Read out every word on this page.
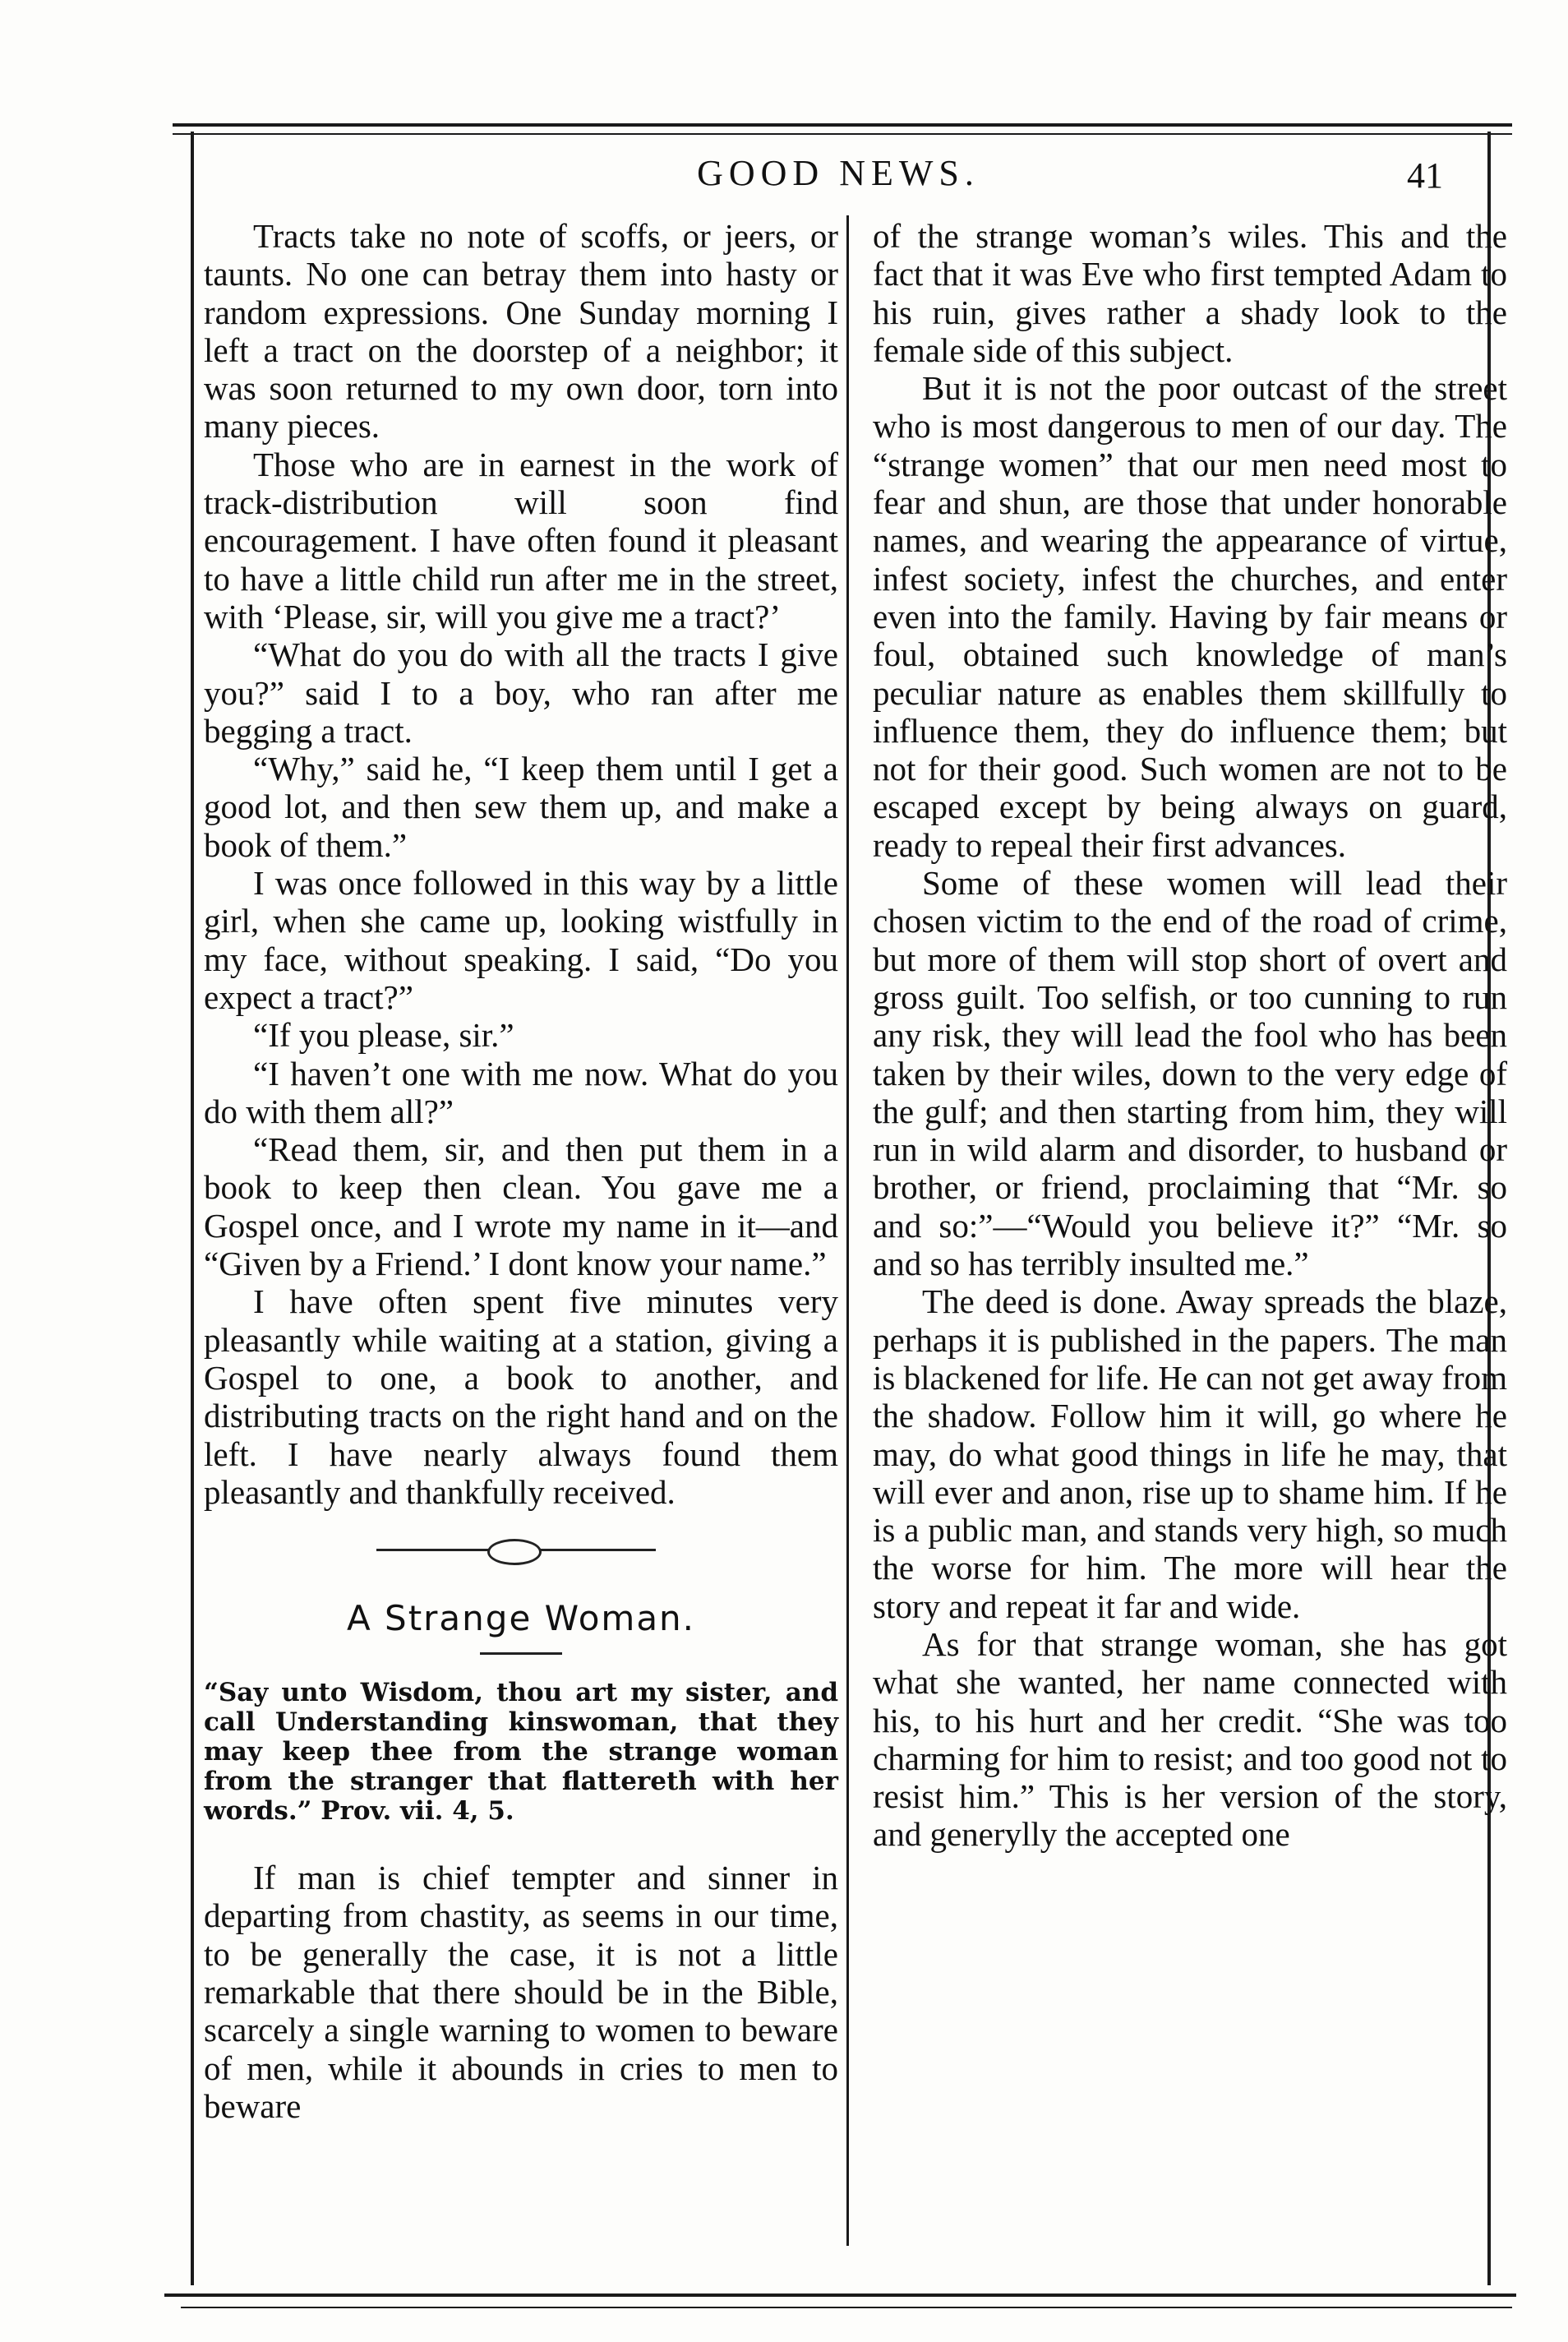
GOOD NEWS.	41

Tracts take no note of scoffs, or jeers, or taunts. No one can betray them into hasty or random expressions. One Sunday morning I left a tract on the doorstep of a neighbor; it was soon returned to my own door, torn into many pieces.

Those who are in earnest in the work of track-distribution will soon find encouragement. I have often found it pleasant to have a little child run after me in the street, with ‘Please, sir, will you give me a tract?’

“What do you do with all the tracts I give you?” said I to a boy, who ran after me begging a tract.

“Why,” said he, “I keep them until I get a good lot, and then sew them up, and make a book of them.”

I was once followed in this way by a little girl, when she came up, looking wistfully in my face, without speaking. I said, “Do you expect a tract?”

“If you please, sir.”

“I haven’t one with me now. What do you do with them all?”

“Read them, sir, and then put them in a book to keep then clean. You gave me a Gospel once, and I wrote my name in it—and “Given by a Friend.’ I dont know your name.”

I have often spent five minutes very pleasantly while waiting at a station, giving a Gospel to one, a book to another, and distributing tracts on the right hand and on the left. I have nearly always found them pleasantly and thankfully received.

A Strange Woman.

“Say unto Wisdom, thou art my sister, and call Understanding kinswoman, that they may keep thee from the strange woman from the stranger that flattereth with her words.” Prov. vii. 4, 5.

If man is chief tempter and sinner in departing from chastity, as seems in our time, to be generally the case, it is not a little remarkable that there should be in the Bible, scarcely a single warning to women to beware of men, while it abounds in cries to men to beware

of the strange woman’s wiles. This and the fact that it was Eve who first tempted Adam to his ruin, gives rather a shady look to the female side of this subject.

But it is not the poor outcast of the street who is most dangerous to men of our day. The “strange women” that our men need most to fear and shun, are those that under honorable names, and wearing the appearance of virtue, infest society, infest the churches, and enter even into the family. Having by fair means or foul, obtained such knowledge of man’s peculiar nature as enables them skillfully to influence them, they do influence them; but not for their good. Such women are not to be escaped except by being always on guard, ready to repeal their first advances.

Some of these women will lead their chosen victim to the end of the road of crime, but more of them will stop short of overt and gross guilt. Too selfish, or too cunning to run any risk, they will lead the fool who has been taken by their wiles, down to the very edge of the gulf; and then starting from him, they will run in wild alarm and disorder, to husband or brother, or friend, proclaiming that “Mr. so and so:”—“Would you believe it?” “Mr. so and so has terribly insulted me.”

The deed is done. Away spreads the blaze, perhaps it is published in the papers. The man is blackened for life. He can not get away from the shadow. Follow him it will, go where he may, do what good things in life he may, that will ever and anon, rise up to shame him. If he is a public man, and stands very high, so much the worse for him. The more will hear the story and repeat it far and wide.

As for that strange woman, she has got what she wanted, her name connected with his, to his hurt and her credit. “She was too charming for him to resist; and too good not to resist him.” This is her version of the story, and generylly the accepted one
